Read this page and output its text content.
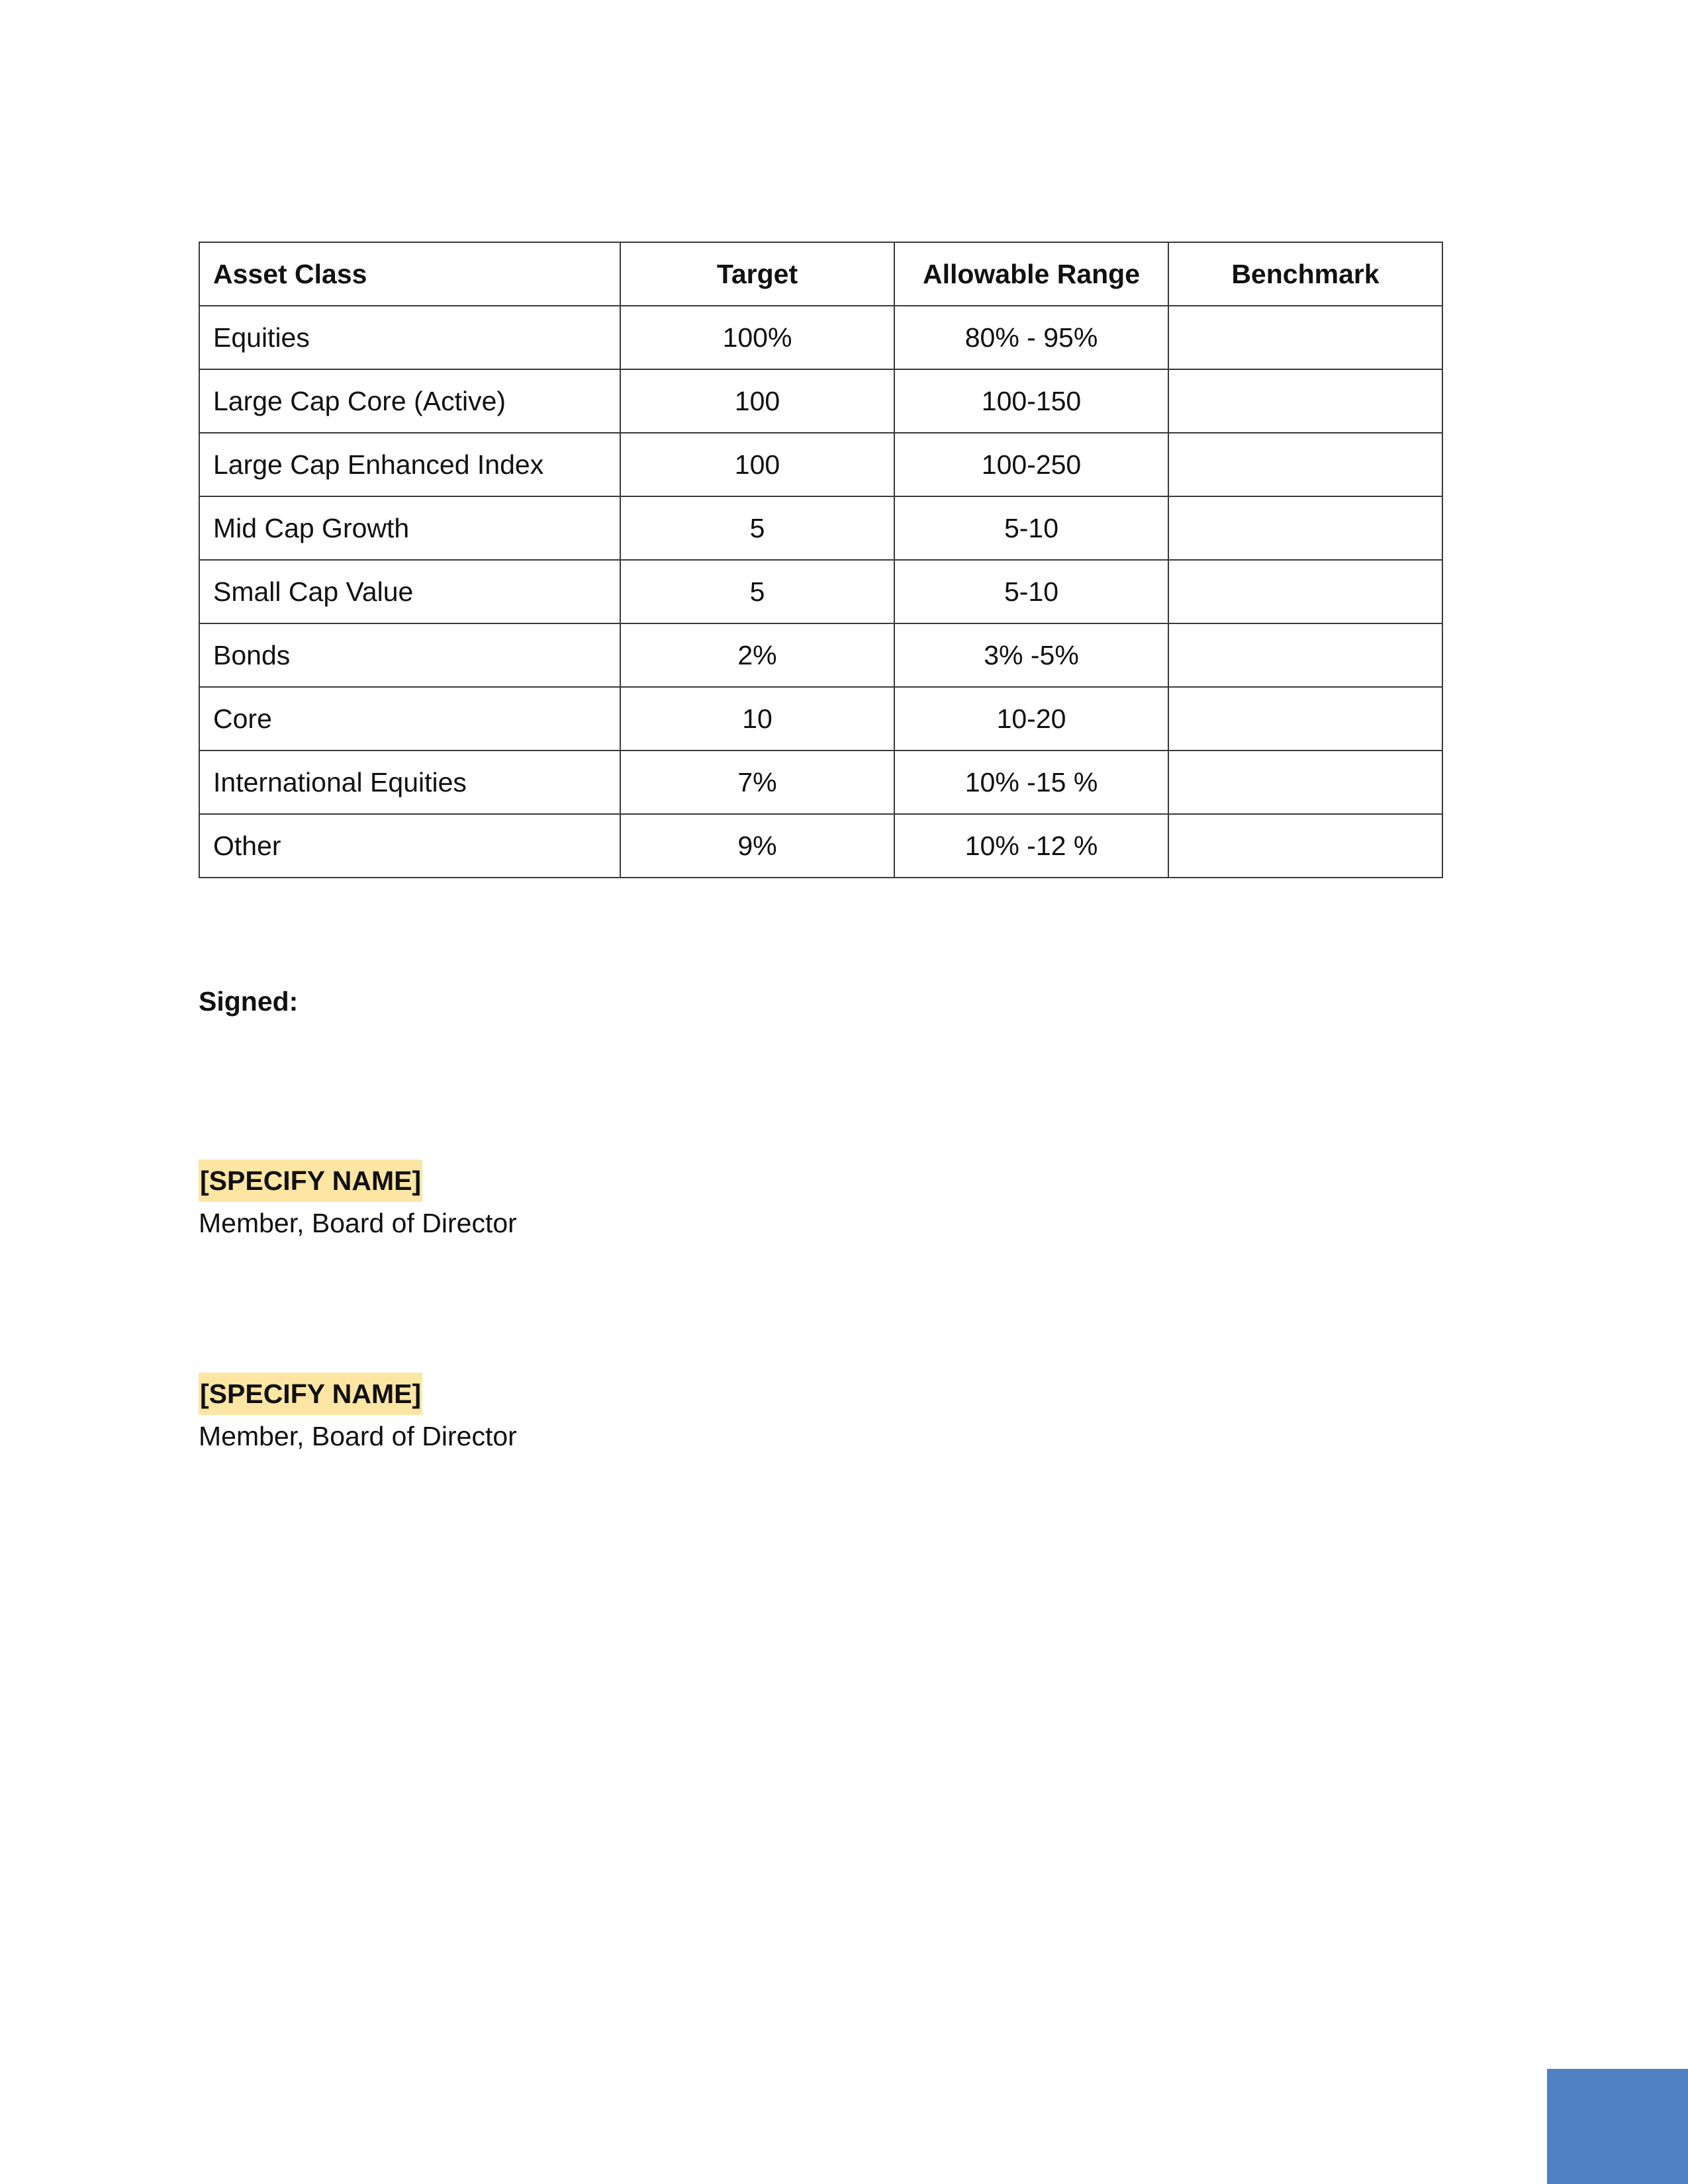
Asset Class	Target	Allowable Range	Benchmark
Equities	100%	80% - 95%	
Large Cap Core (Active)	100	100-150	
Large Cap Enhanced Index	100	100-250	
Mid Cap Growth	5	5-10	
Small Cap Value	5	5-10	
Bonds	2%	3% -5%	
Core	10	10-20	
International Equities	7%	10% -15 %	
Other	9%	10% -12 %	
Signed:
[SPECIFY NAME]
Member, Board of Director
[SPECIFY NAME]
Member, Board of Director
